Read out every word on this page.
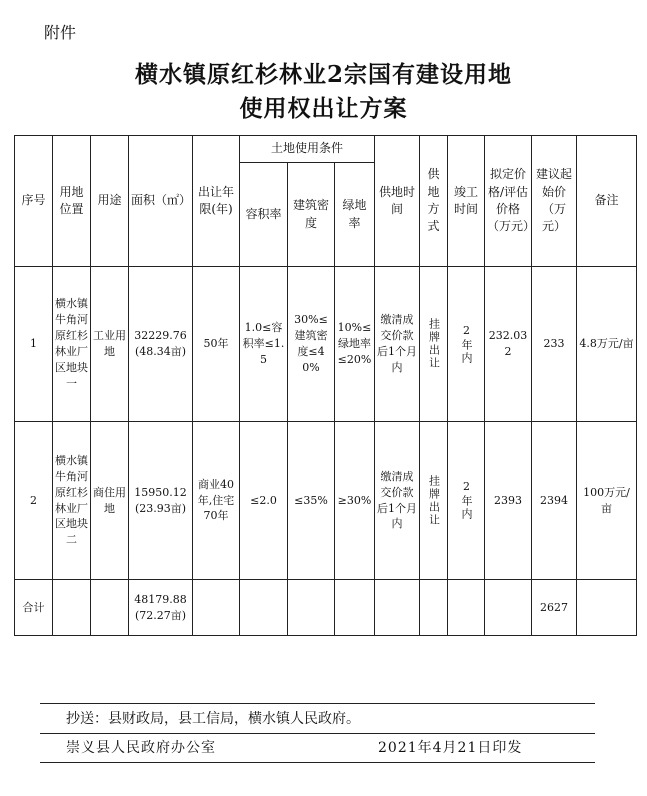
附件
横水镇原红杉林业2宗国有建设用地
使用权出让方案
序号	用地位置	用途	面积（㎡）	出让年限(年)	土地使用条件			供地时间	供地方式	竣工时间	拟定价格/评估价格（万元）	建议起始价（万元）	备注
					容积率	建筑密度	绿地率						
1	横水镇牛角河原红杉林业厂区地块一	工业用地	32229.76 (48.34亩)	50年	1.0≤容积率≤1.5	30%≤建筑密度≤40%	10%≤绿地率≤20%	缴清成交价款后1个月内	挂牌出让	2年内	232.032	233	4.8万元/亩
2	横水镇牛角河原红杉林业厂区地块二	商住用地	15950.12(23.93亩)	商业40年,住宅70年	≤2.0	≤35%	≥30%	缴清成交价款后1个月内	挂牌出让	2年内	2393	2394	100万元/亩
合计			48179.88(72.27亩)									2627	
抄送：县财政局，县工信局，横水镇人民政府。
崇义县人民政府办公室	2021年4月21日印发
